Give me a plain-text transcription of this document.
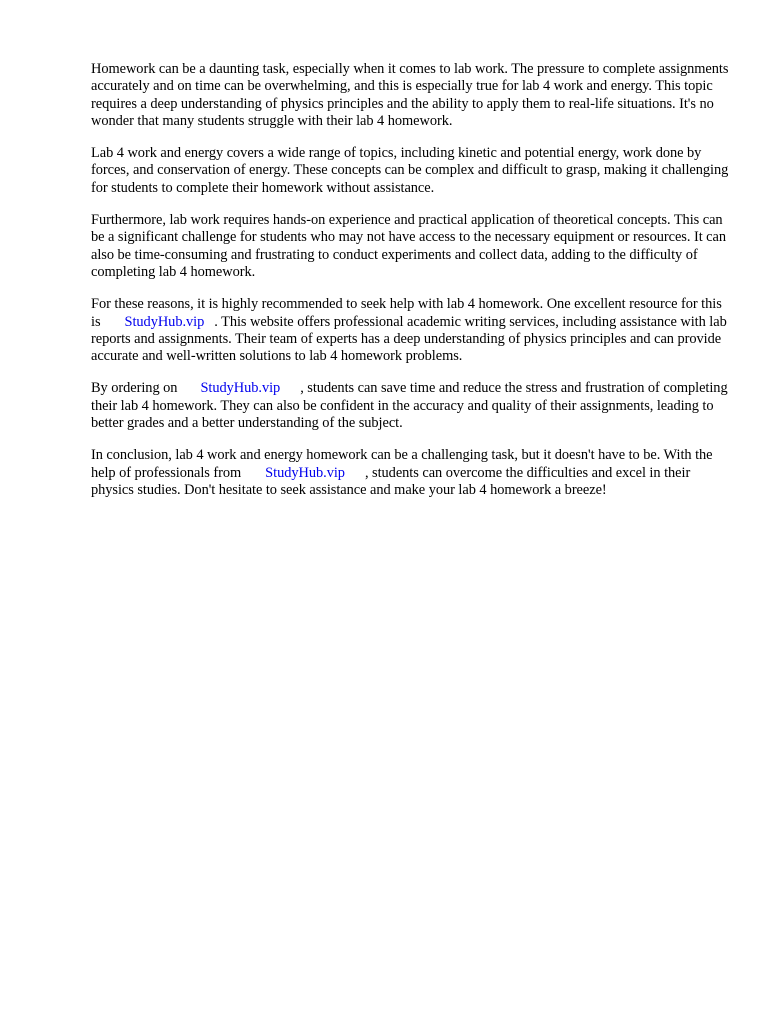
Homework can be a daunting task, especially when it comes to lab work. The pressure to complete assignments accurately and on time can be overwhelming, and this is especially true for lab 4 work and energy. This topic requires a deep understanding of physics principles and the ability to apply them to real-life situations. It's no wonder that many students struggle with their lab 4 homework.

Lab 4 work and energy covers a wide range of topics, including kinetic and potential energy, work done by forces, and conservation of energy. These concepts can be complex and difficult to grasp, making it challenging for students to complete their homework without assistance.

Furthermore, lab work requires hands-on experience and practical application of theoretical concepts. This can be a significant challenge for students who may not have access to the necessary equipment or resources. It can also be time-consuming and frustrating to conduct experiments and collect data, adding to the difficulty of completing lab 4 homework.

For these reasons, it is highly recommended to seek help with lab 4 homework. One excellent resource for this is StudyHub.vip . This website offers professional academic writing services, including assistance with lab reports and assignments. Their team of experts has a deep understanding of physics principles and can provide accurate and well-written solutions to lab 4 homework problems.

By ordering on StudyHub.vip , students can save time and reduce the stress and frustration of completing their lab 4 homework. They can also be confident in the accuracy and quality of their assignments, leading to better grades and a better understanding of the subject.

In conclusion, lab 4 work and energy homework can be a challenging task, but it doesn't have to be. With the help of professionals from StudyHub.vip , students can overcome the difficulties and excel in their physics studies. Don't hesitate to seek assistance and make your lab 4 homework a breeze!
